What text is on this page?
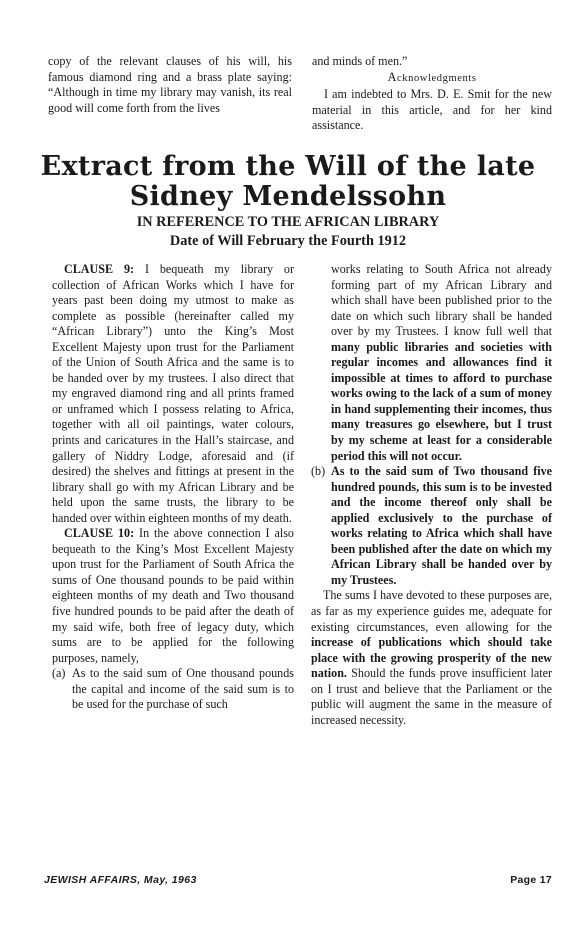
copy of the relevant clauses of his will, his famous diamond ring and a brass plate saying: “Although in time my library may vanish, its real good will come forth from the lives

and minds of men.”

Acknowledgments

I am indebted to Mrs. D. E. Smit for the new material in this article, and for her kind assistance.

Extract from the Will of the late
Sidney Mendelssohn
IN REFERENCE TO THE AFRICAN LIBRARY
Date of Will February the Fourth 1912

CLAUSE 9: I bequeath my library or collection of African Works which I have for years past been doing my utmost to make as complete as possible (hereinafter called my “African Library”) unto the King’s Most Excellent Majesty upon trust for the Parliament of the Union of South Africa and the same is to be handed over by my trustees. I also direct that my engraved diamond ring and all prints framed or unframed which I possess relating to Africa, together with all oil paintings, water colours, prints and caricatures in the Hall’s staircase, and gallery of Niddry Lodge, aforesaid and (if desired) the shelves and fittings at present in the library shall go with my African Library and be held upon the same trusts, the library to be handed over within eighteen months of my death.

CLAUSE 10: In the above connection I also bequeath to the King’s Most Excellent Majesty upon trust for the Parliament of South Africa the sums of One thousand pounds to be paid within eighteen months of my death and Two thousand five hundred pounds to be paid after the death of my said wife, both free of legacy duty, which sums are to be applied for the following purposes, namely,

(a) As to the said sum of One thousand pounds the capital and income of the said sum is to be used for the purchase of such
works relating to South Africa not already forming part of my African Library and which shall have been published prior to the date on which such library shall be handed over by my Trustees. I know full well that many public libraries and societies with regular incomes and allowances find it impossible at times to afford to purchase works owing to the lack of a sum of money in hand supplementing their incomes, thus many treasures go elsewhere, but I trust by my scheme at least for a considerable period this will not occur.
(b) As to the said sum of Two thousand five hundred pounds, this sum is to be invested and the income thereof only shall be applied exclusively to the purchase of works relating to Africa which shall have been published after the date on which my African Library shall be handed over by my Trustees.

The sums I have devoted to these purposes are, as far as my experience guides me, adequate for existing circumstances, even allowing for the increase of publications which should take place with the growing prosperity of the new nation. Should the funds prove insufficient later on I trust and believe that the Parliament or the public will augment the same in the measure of increased necessity.

JEWISH AFFAIRS, May, 1963	Page 17
